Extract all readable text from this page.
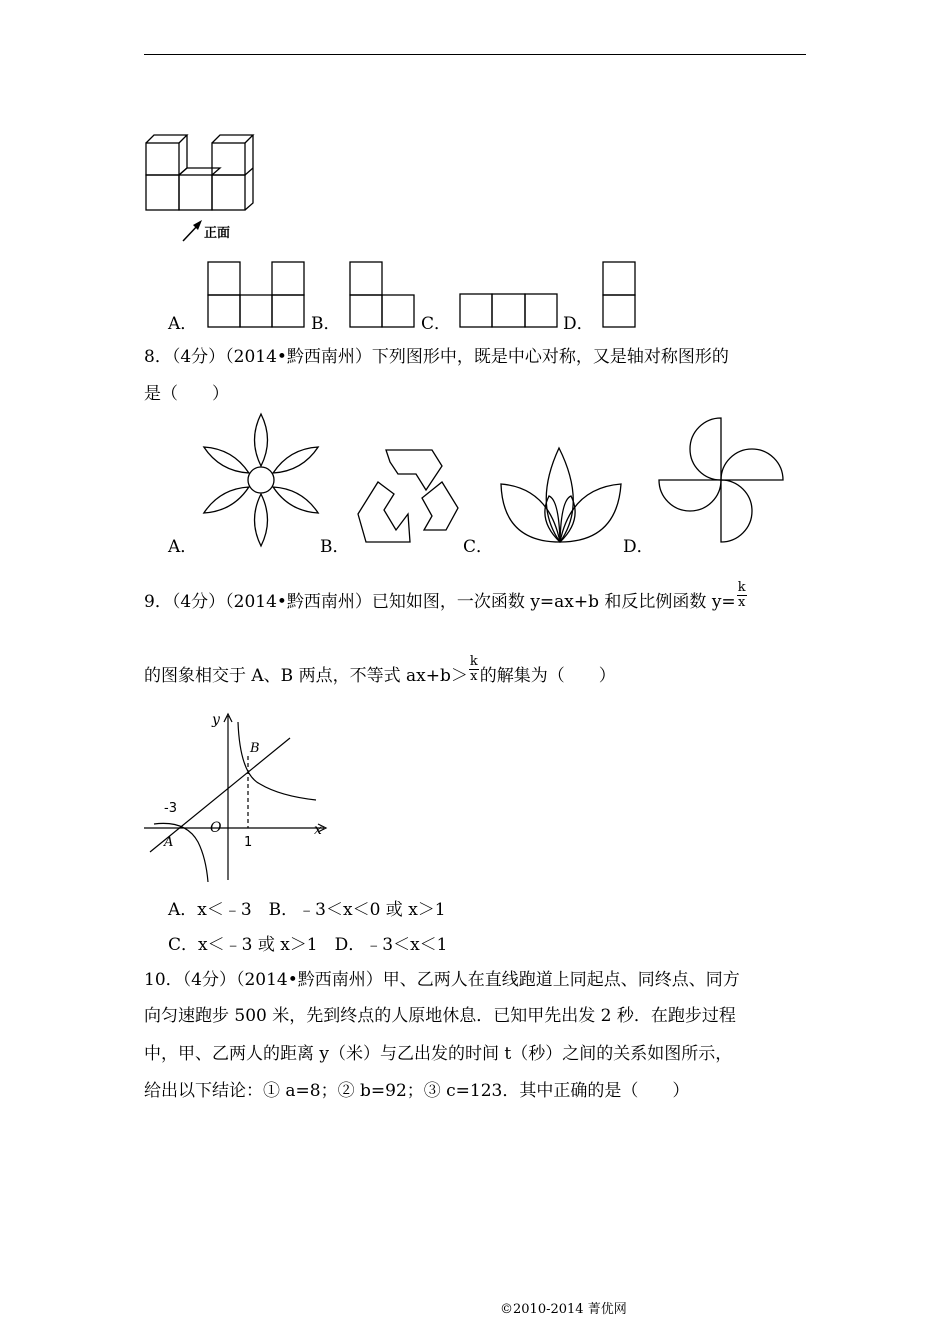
正面
A．	B．	C．	D．
8．（4分）（2014•黔西南州）下列图形中，既是中心对称，又是轴对称图形的
是（　　）
A．	B．	C．	D．
9．（4分）（2014•黔西南州）已知如图，一次函数 y=ax+b 和反比例函数 $y= \frac{k}{x}$
的图象相交于 A、B 两点，不等式 $ax+b> \frac{k}{x}$ 的解集为（　　）
y
x
O
-3
1
A
B
A．x＜﹣3　B．﹣3＜x＜0 或 x＞1
C．x＜﹣3 或 x＞1　D．﹣3＜x＜1
10．（4分）（2014•黔西南州）甲、乙两人在直线跑道上同起点、同终点、同方
向匀速跑步 500 米，先到终点的人原地休息．已知甲先出发 2 秒．在跑步过程
中，甲、乙两人的距离 y（米）与乙出发的时间 t（秒）之间的关系如图所示，
给出以下结论：① a=8；② b=92；③ c=123．其中正确的是（　　）
©2010-2014 菁优网
